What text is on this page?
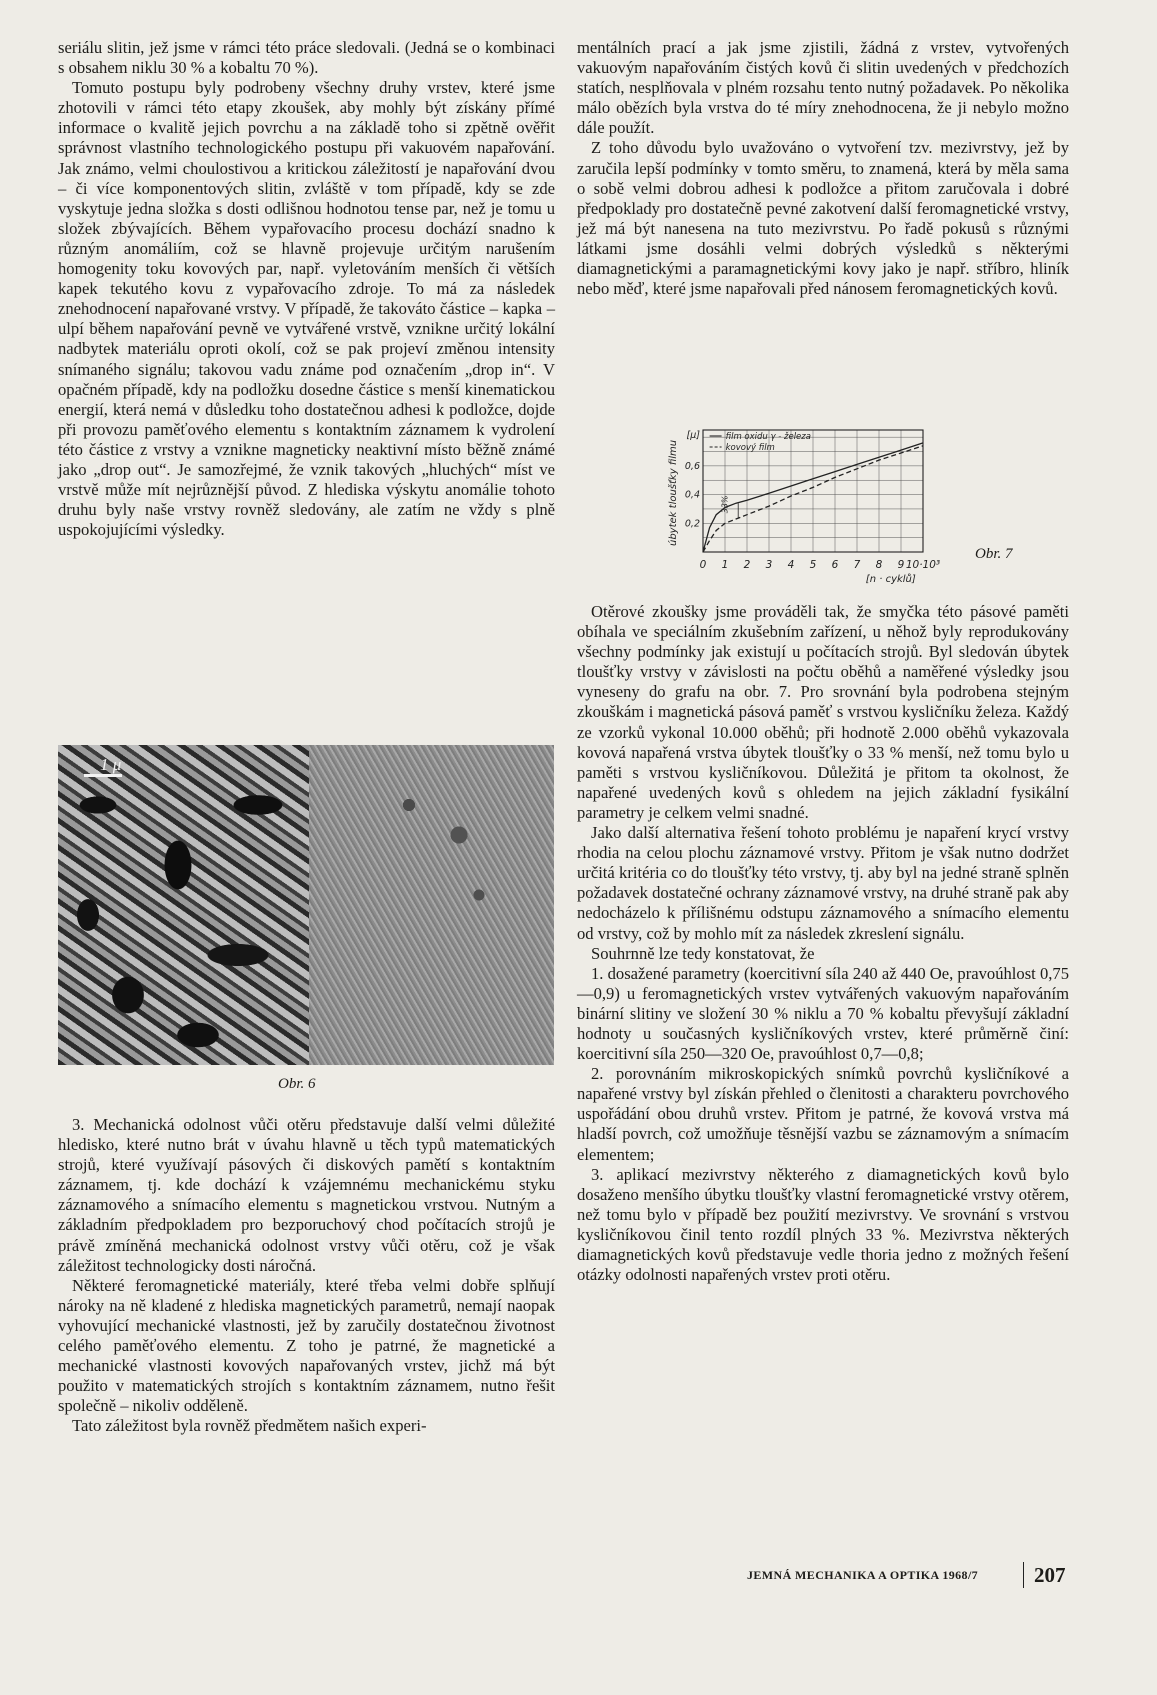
seriálu slitin, jež jsme v rámci této práce sledovali. (Jedná se o kombinaci s obsahem niklu 30 % a kobaltu 70 %).

Tomuto postupu byly podrobeny všechny druhy vrstev, které jsme zhotovili v rámci této etapy zkoušek, aby mohly být získány přímé informace o kvalitě jejich povrchu a na základě toho si zpětně ověřit správnost vlastního technologického postupu při vakuovém napařování. Jak známo, velmi choulostivou a kritickou záležitostí je napařování dvou – či více komponentových slitin, zvláště v tom případě, kdy se zde vyskytuje jedna složka s dosti odlišnou hodnotou tense par, než je tomu u složek zbývajících. Během vypařovacího procesu dochází snadno k různým anomáliím, což se hlavně projevuje určitým narušením homogenity toku kovových par, např. vyletováním menších či větších kapek tekutého kovu z vypařovacího zdroje. To má za následek znehodnocení napařované vrstvy. V případě, že takováto částice – kapka – ulpí během napařování pevně ve vytvářené vrstvě, vznikne určitý lokální nadbytek materiálu oproti okolí, což se pak projeví změnou intensity snímaného signálu; takovou vadu známe pod označením „drop in“. V opačném případě, kdy na podložku dosedne částice s menší kinematickou energií, která nemá v důsledku toho dostatečnou adhesi k podložce, dojde při provozu paměťového elementu s kontaktním záznamem k vydrolení této částice z vrstvy a vznikne magneticky neaktivní místo běžně známé jako „drop out“. Je samozřejmé, že vznik takových „hluchých“ míst ve vrstvě může mít nejrůznější původ. Z hlediska výskytu anomálie tohoto druhu byly naše vrstvy rovněž sledovány, ale zatím ne vždy s plně uspokojujícími výsledky.

1 μ
Obr. 6

3. Mechanická odolnost vůči otěru představuje další velmi důležité hledisko, které nutno brát v úvahu hlavně u těch typů matematických strojů, které využívají pásových či diskových pamětí s kontaktním záznamem, tj. kde dochází k vzájemnému mechanickému styku záznamového a snímacího elementu s magnetickou vrstvou. Nutným a základním předpokladem pro bezporuchový chod počítacích strojů je právě zmíněná mechanická odolnost vrstvy vůči otěru, což je však záležitost technologicky dosti náročná.

Některé feromagnetické materiály, které třeba velmi dobře splňují nároky na ně kladené z hlediska magnetických parametrů, nemají naopak vyhovující mechanické vlastnosti, jež by zaručily dostatečnou životnost celého paměťového elementu. Z toho je patrné, že magnetické a mechanické vlastnosti kovových napařovaných vrstev, jichž má být použito v matematických strojích s kontaktním záznamem, nutno řešit společně – nikoliv odděleně.

Tato záležitost byla rovněž předmětem našich experi-

mentálních prací a jak jsme zjistili, žádná z vrstev, vytvořených vakuovým napařováním čistých kovů či slitin uvedených v předchozích statích, nesplňovala v plném rozsahu tento nutný požadavek. Po několika málo obězích byla vrstva do té míry znehodnocena, že ji nebylo možno dále použít.

Z toho důvodu bylo uvažováno o vytvoření tzv. mezivrstvy, jež by zaručila lepší podmínky v tomto směru, to znamená, která by měla sama o sobě velmi dobrou adhesi k podložce a přitom zaručovala i dobré předpoklady pro dostatečně pevné zakotvení další feromagnetické vrstvy, jež má být nanesena na tuto mezivrstvu. Po řadě pokusů s různými látkami jsme dosáhli velmi dobrých výsledků s některými diamagnetickými a paramagnetickými kovy jako je např. stříbro, hliník nebo měď, které jsme napařovali před nánosem feromagnetických kovů.

0 1 2 3 4 5 6 7 8 9 10·10³
0,2
0,4
0,6
[μ]
[n · cyklů]
úbytek tloušťky filmu
film oxidu γ - železa
kovový film
33%
Obr. 7

Otěrové zkoušky jsme prováděli tak, že smyčka této pásové paměti obíhala ve speciálním zkušebním zařízení, u něhož byly reprodukovány všechny podmínky jak existují u počítacích strojů. Byl sledován úbytek tloušťky vrstvy v závislosti na počtu oběhů a naměřené výsledky jsou vyneseny do grafu na obr. 7. Pro srovnání byla podrobena stejným zkouškám i magnetická pásová paměť s vrstvou kysličníku železa. Každý ze vzorků vykonal 10.000 oběhů; při hodnotě 2.000 oběhů vykazovala kovová napařená vrstva úbytek tloušťky o 33 % menší, než tomu bylo u paměti s vrstvou kysličníkovou. Důležitá je přitom ta okolnost, že napařené uvedených kovů s ohledem na jejich základní fysikální parametry je celkem velmi snadné.

Jako další alternativa řešení tohoto problému je napaření krycí vrstvy rhodia na celou plochu záznamové vrstvy. Přitom je však nutno dodržet určitá kritéria co do tloušťky této vrstvy, tj. aby byl na jedné straně splněn požadavek dostatečné ochrany záznamové vrstvy, na druhé straně pak aby nedocházelo k přílišnému odstupu záznamového a snímacího elementu od vrstvy, což by mohlo mít za následek zkreslení signálu.

Souhrnně lze tedy konstatovat, že

1. dosažené parametry (koercitivní síla 240 až 440 Oe, pravoúhlost 0,75—0,9) u feromagnetických vrstev vytvářených vakuovým napařováním binární slitiny ve složení 30 % niklu a 70 % kobaltu převyšují základní hodnoty u současných kysličníkových vrstev, které průměrně činí: koercitivní síla 250—320 Oe, pravoúhlost 0,7—0,8;

2. porovnáním mikroskopických snímků povrchů kysličníkové a napařené vrstvy byl získán přehled o členitosti a charakteru povrchového uspořádání obou druhů vrstev. Přitom je patrné, že kovová vrstva má hladší povrch, což umožňuje těsnější vazbu se záznamovým a snímacím elementem;

3. aplikací mezivrstvy některého z diamagnetických kovů bylo dosaženo menšího úbytku tloušťky vlastní feromagnetické vrstvy otěrem, než tomu bylo v případě bez použití mezivrstvy. Ve srovnání s vrstvou kysličníkovou činil tento rozdíl plných 33 %. Mezivrstva některých diamagnetických kovů představuje vedle thoria jedno z možných řešení otázky odolnosti napařených vrstev proti otěru.

JEMNÁ MECHANIKA A OPTIKA 1968/7	207
